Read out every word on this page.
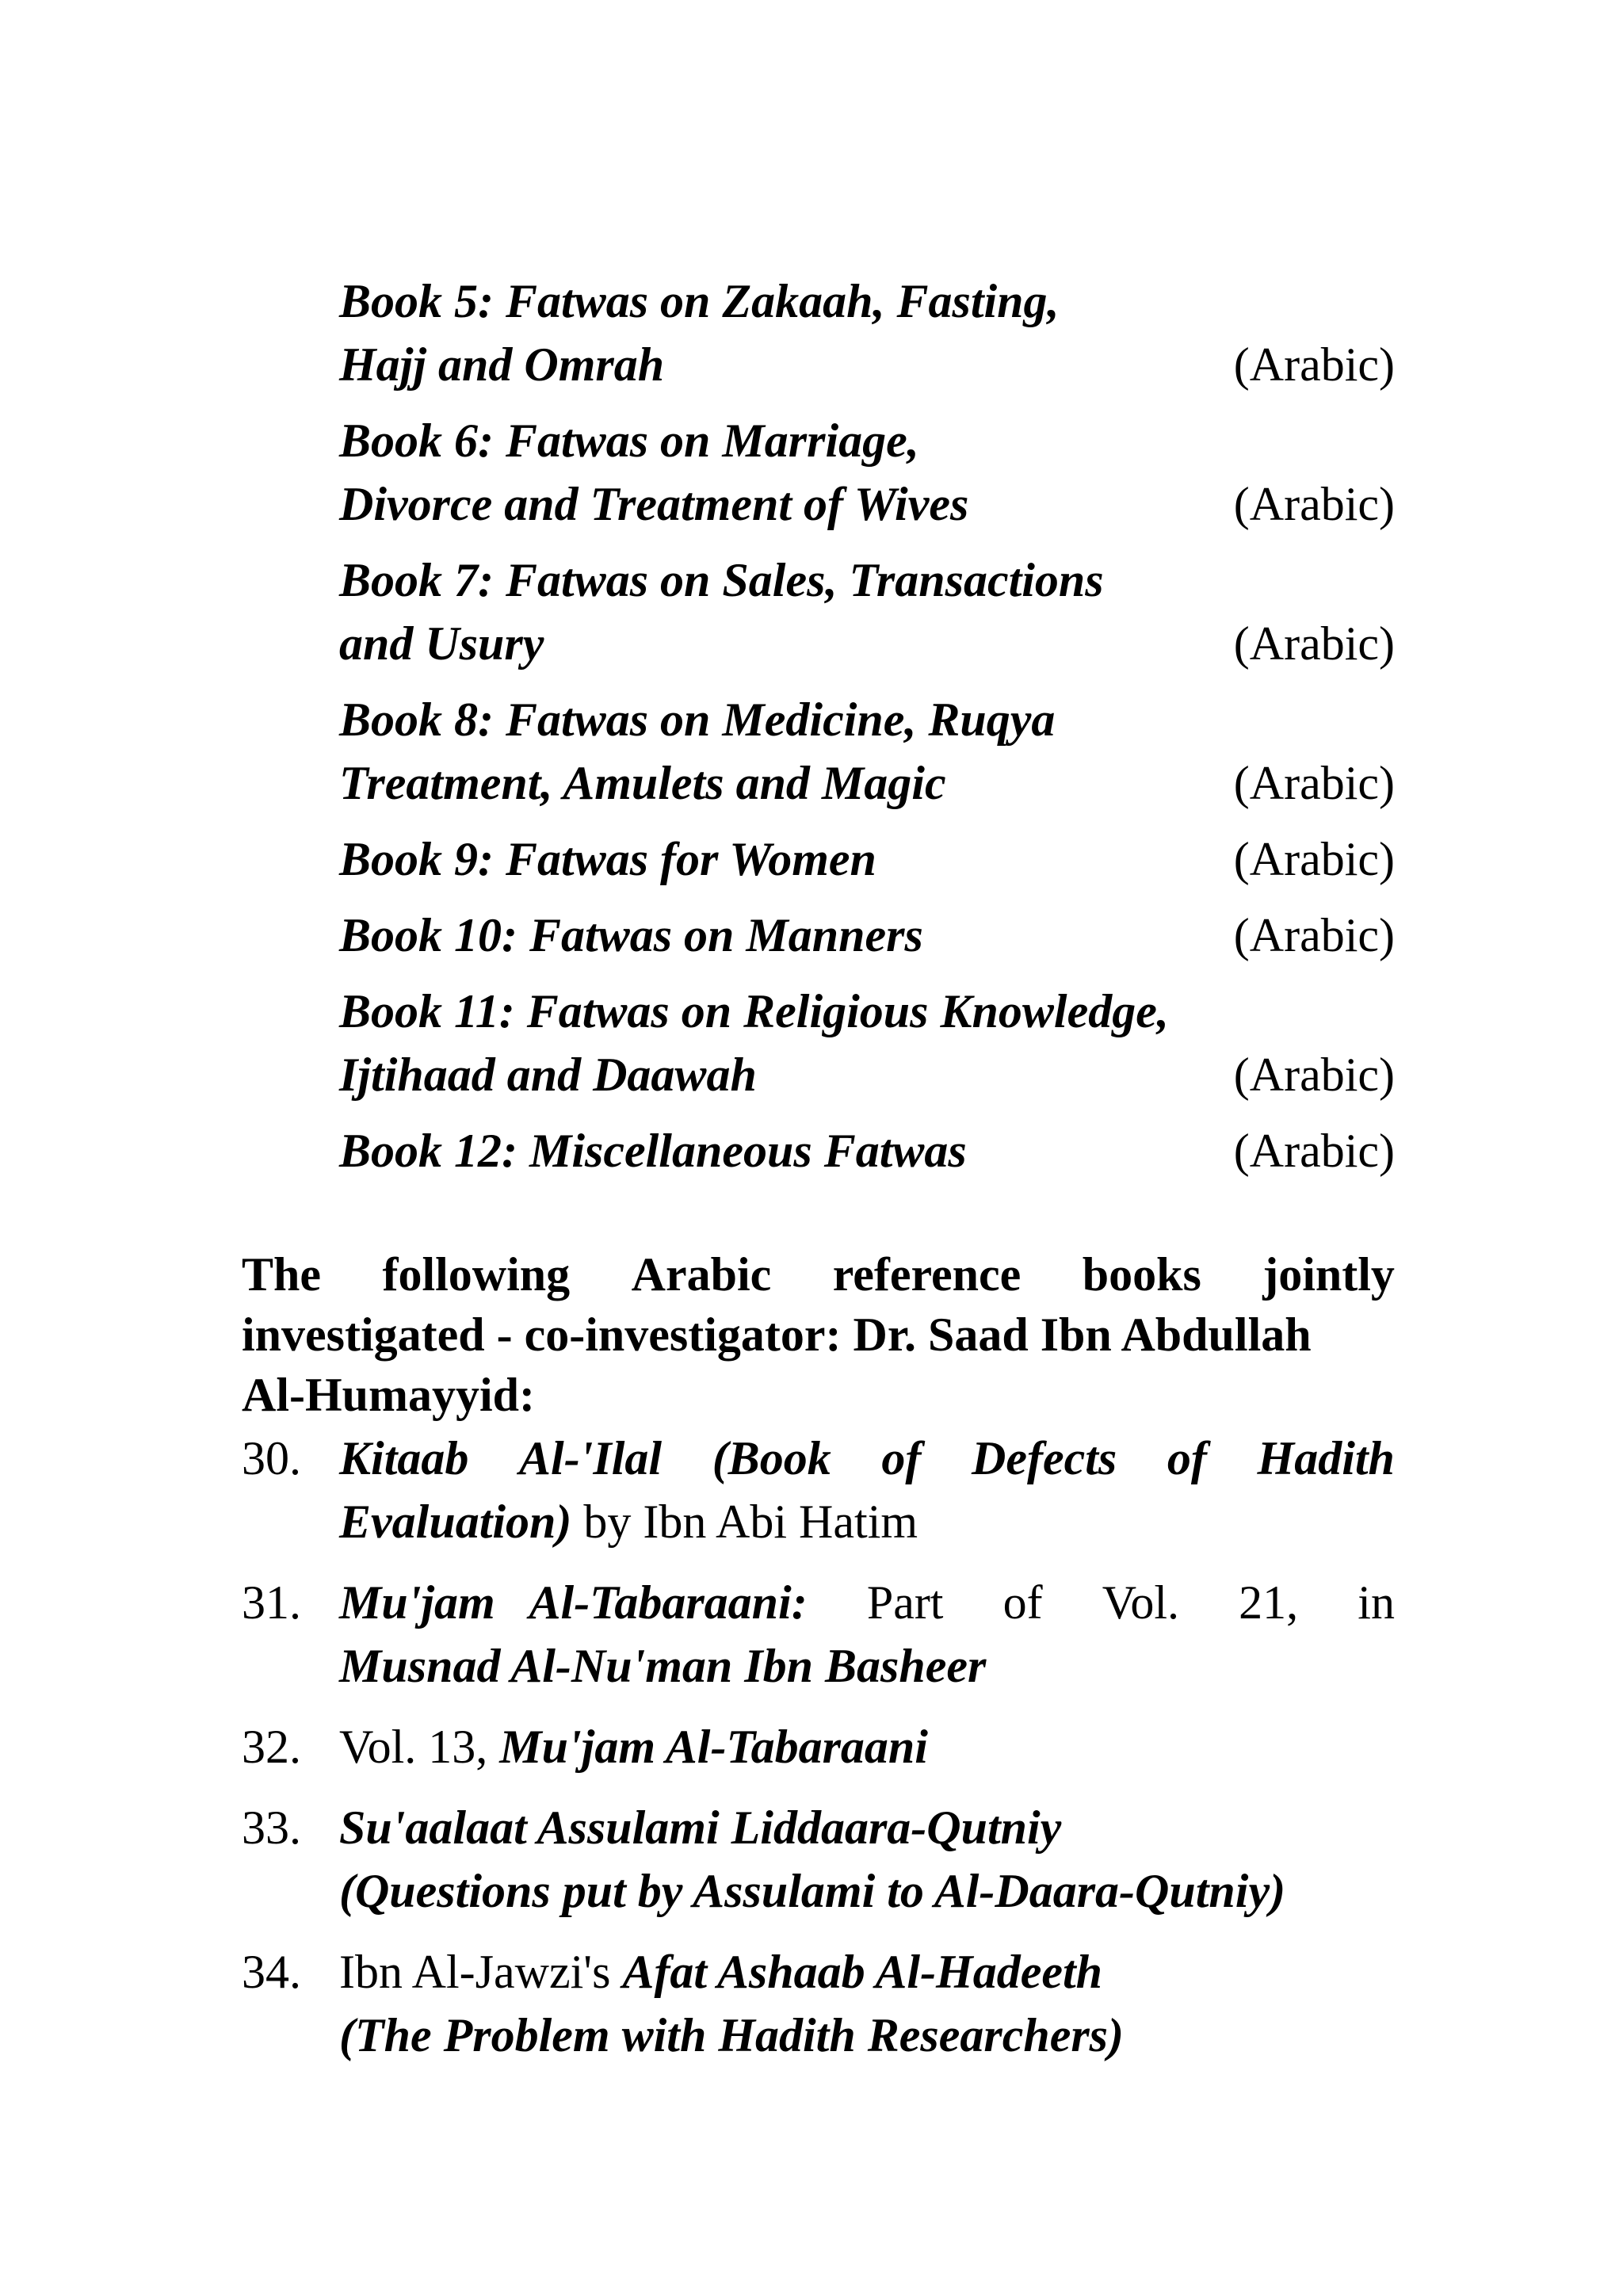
Book 5: Fatwas on Zakaah, Fasting,
Hajj and Omrah	(Arabic)
Book 6: Fatwas on Marriage,
Divorce and Treatment of Wives	(Arabic)
Book 7: Fatwas on Sales, Transactions
and Usury	(Arabic)
Book 8: Fatwas on Medicine, Ruqya
Treatment, Amulets and Magic	(Arabic)
Book 9: Fatwas for Women	(Arabic)
Book 10: Fatwas on Manners	(Arabic)
Book 11: Fatwas on Religious Knowledge,
Ijtihaad and Daawah	(Arabic)
Book 12: Miscellaneous Fatwas	(Arabic)
The following Arabic reference books jointly
investigated - co-investigator: Dr. Saad Ibn Abdullah
Al-Humayyid:
30. Kitaab Al-'Ilal (Book of Defects of Hadith
Evaluation) by Ibn Abi Hatim
31. Mu'jam Al-Tabaraani: Part of Vol. 21, in
Musnad Al-Nu'man Ibn Basheer
32. Vol. 13, Mu'jam Al-Tabaraani
33. Su'aalaat Assulami Liddaara-Qutniy
(Questions put by Assulami to Al-Daara-Qutniy)
34. Ibn Al-Jawzi's Afat Ashaab Al-Hadeeth
(The Problem with Hadith Researchers)
